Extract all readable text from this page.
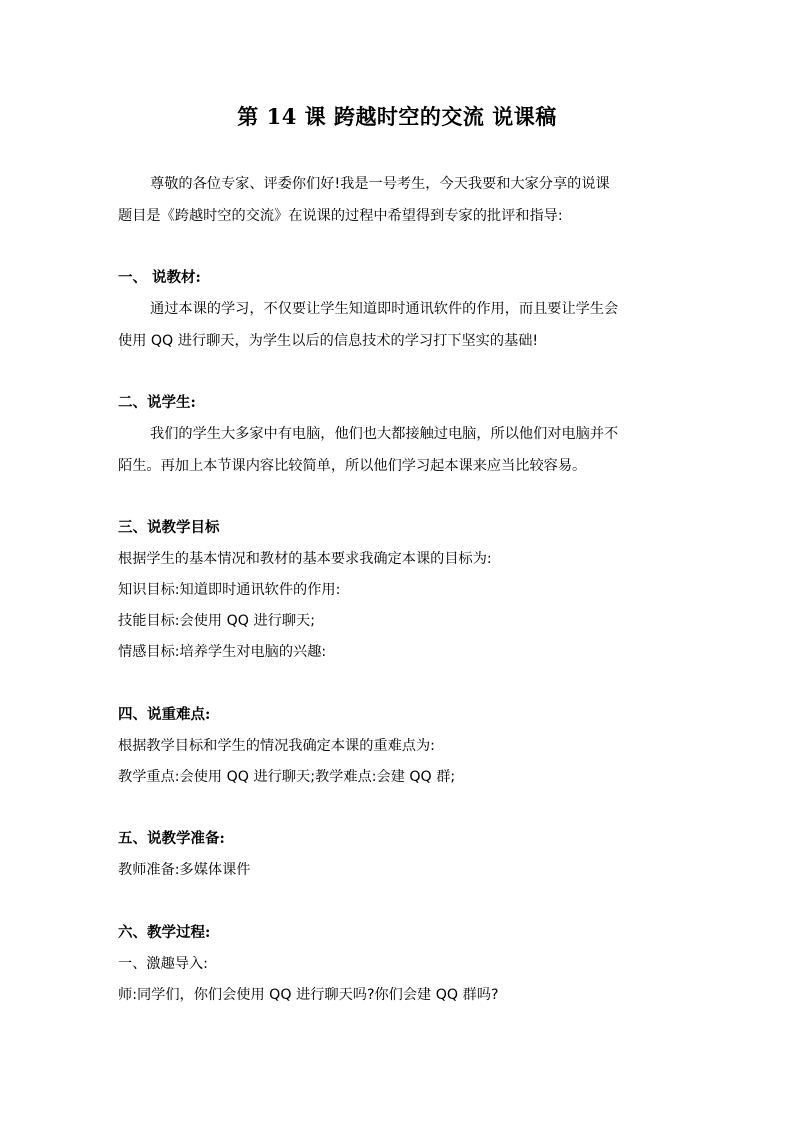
第 14 课 跨越时空的交流 说课稿
尊敬的各位专家、评委你们好!我是一号考生，今天我要和大家分享的说课
题目是《跨越时空的交流》在说课的过程中希望得到专家的批评和指导:
一、 说教材:
通过本课的学习，不仅要让学生知道即时通讯软件的作用，而且要让学生会
使用 QQ 进行聊天，为学生以后的信息技术的学习打下坚实的基础!
二、说学生:
我们的学生大多家中有电脑，他们也大都接触过电脑，所以他们对电脑并不
陌生。再加上本节课内容比较简单，所以他们学习起本课来应当比较容易。
三、说教学目标
根据学生的基本情况和教材的基本要求我确定本课的目标为:
知识目标:知道即时通讯软件的作用:
技能目标:会使用 QQ 进行聊天;
情感目标:培养学生对电脑的兴趣:
四、说重难点:
根据教学目标和学生的情况我确定本课的重难点为:
教学重点:会使用 QQ 进行聊天;教学难点:会建 QQ 群;
五、说教学准备:
教师准备:多媒体课件
六、教学过程:
一、激趣导入:
师:同学们，你们会使用 QQ 进行聊天吗?你们会建 QQ 群吗?
